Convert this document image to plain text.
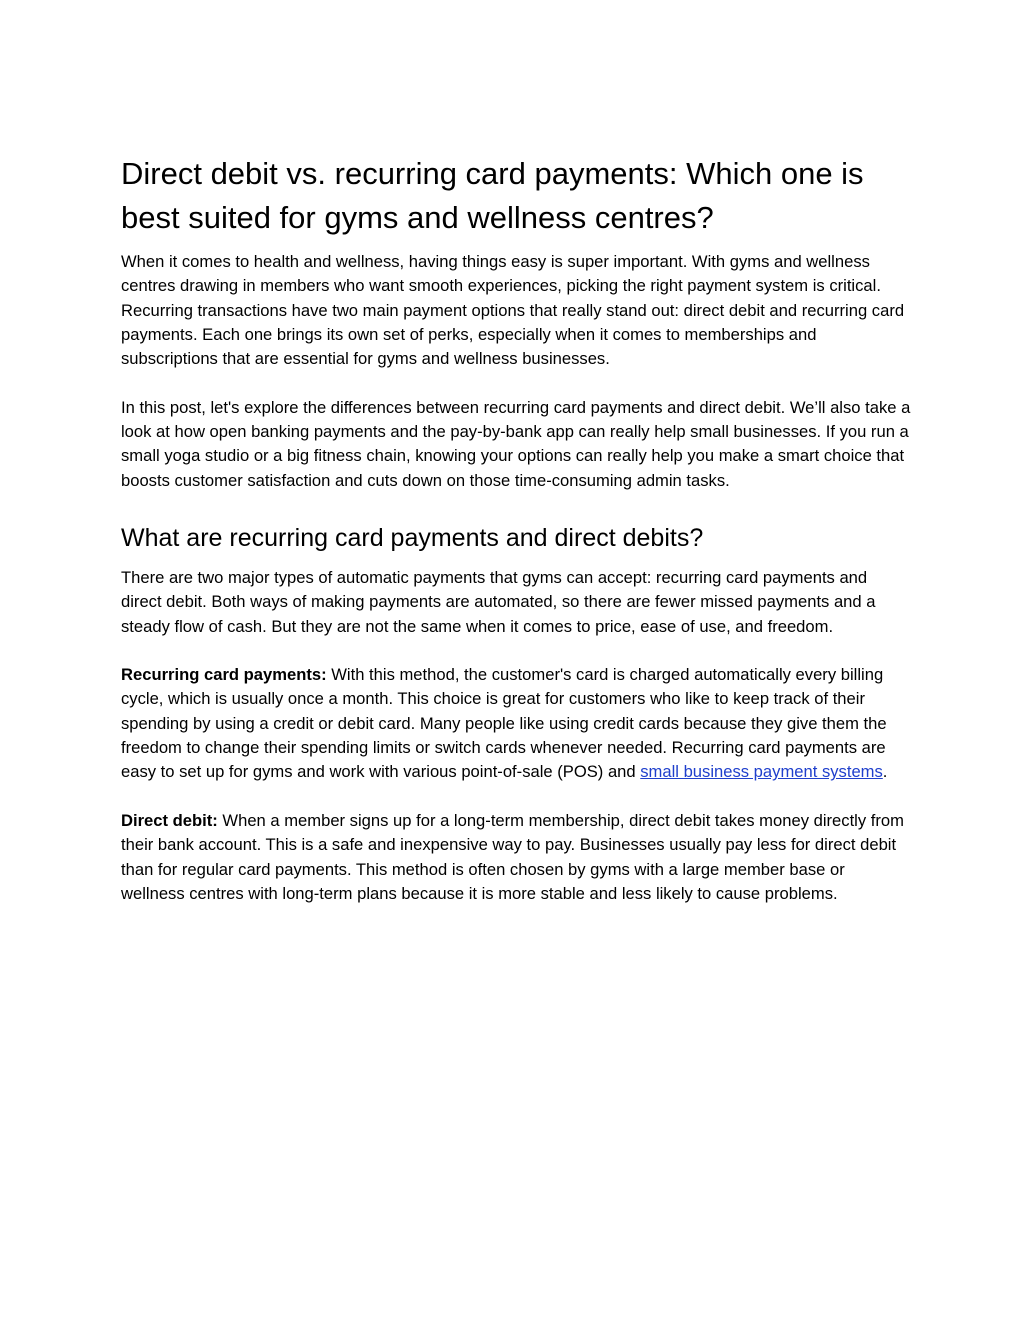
Direct debit vs. recurring card payments: Which one is best suited for gyms and wellness centres?

When it comes to health and wellness, having things easy is super important. With gyms and wellness centres drawing in members who want smooth experiences, picking the right payment system is critical. Recurring transactions have two main payment options that really stand out: direct debit and recurring card payments. Each one brings its own set of perks, especially when it comes to memberships and subscriptions that are essential for gyms and wellness businesses.

In this post, let's explore the differences between recurring card payments and direct debit. We’ll also take a look at how open banking payments and the pay-by-bank app can really help small businesses. If you run a small yoga studio or a big fitness chain, knowing your options can really help you make a smart choice that boosts customer satisfaction and cuts down on those time-consuming admin tasks.

What are recurring card payments and direct debits?

There are two major types of automatic payments that gyms can accept: recurring card payments and direct debit. Both ways of making payments are automated, so there are fewer missed payments and a steady flow of cash. But they are not the same when it comes to price, ease of use, and freedom.

Recurring card payments: With this method, the customer's card is charged automatically every billing cycle, which is usually once a month. This choice is great for customers who like to keep track of their spending by using a credit or debit card. Many people like using credit cards because they give them the freedom to change their spending limits or switch cards whenever needed. Recurring card payments are easy to set up for gyms and work with various point-of-sale (POS) and small business payment systems.

Direct debit: When a member signs up for a long-term membership, direct debit takes money directly from their bank account. This is a safe and inexpensive way to pay. Businesses usually pay less for direct debit than for regular card payments. This method is often chosen by gyms with a large member base or wellness centres with long-term plans because it is more stable and less likely to cause problems.
